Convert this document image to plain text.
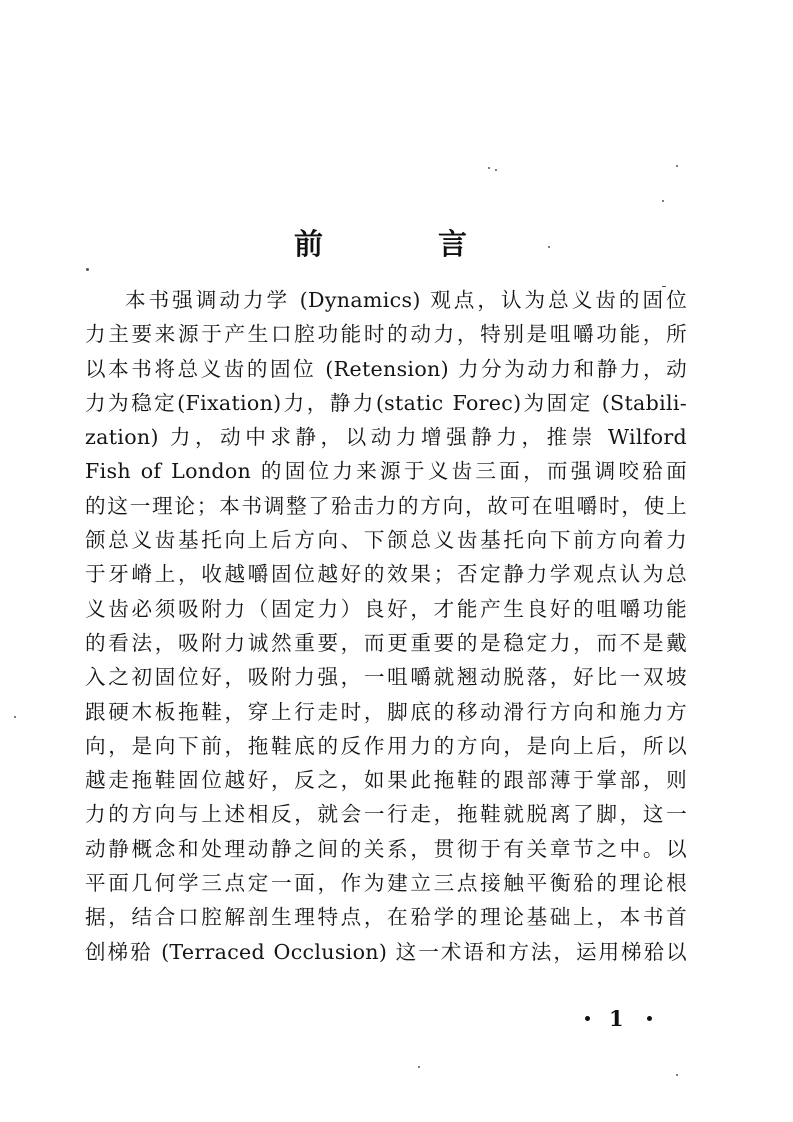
前	言
本书强调动力学 (Dynamics) 观点，认为总义齿的固位
力主要来源于产生口腔功能时的动力，特别是咀嚼功能，所
以本书将总义齿的固位 (Retension) 力分为动力和静力，动
力为稳定(Fixation)力，静力(static Forec)为固定 (Stabili-
zation) 力，动中求静，以动力增强静力，推崇 Wilford
Fish of London 的固位力来源于义齿三面，而强调咬𬌗面
的这一理论；本书调整了𬌗击力的方向，故可在咀嚼时，使上
颌总义齿基托向上后方向、下颌总义齿基托向下前方向着力
于牙嵴上，收越嚼固位越好的效果；否定静力学观点认为总
义齿必须吸附力（固定力）良好，才能产生良好的咀嚼功能
的看法，吸附力诚然重要，而更重要的是稳定力，而不是戴
入之初固位好，吸附力强，一咀嚼就翘动脱落，好比一双坡
跟硬木板拖鞋，穿上行走时，脚底的移动滑行方向和施力方
向，是向下前，拖鞋底的反作用力的方向，是向上后，所以
越走拖鞋固位越好，反之，如果此拖鞋的跟部薄于掌部，则
力的方向与上述相反，就会一行走，拖鞋就脱离了脚，这一
动静概念和处理动静之间的关系，贯彻于有关章节之中。以
平面几何学三点定一面，作为建立三点接触平衡𬌗的理论根
据，结合口腔解剖生理特点，在𬌗学的理论基础上，本书首
创梯𬌗 (Terraced Occlusion) 这一术语和方法，运用梯𬌗以
1
